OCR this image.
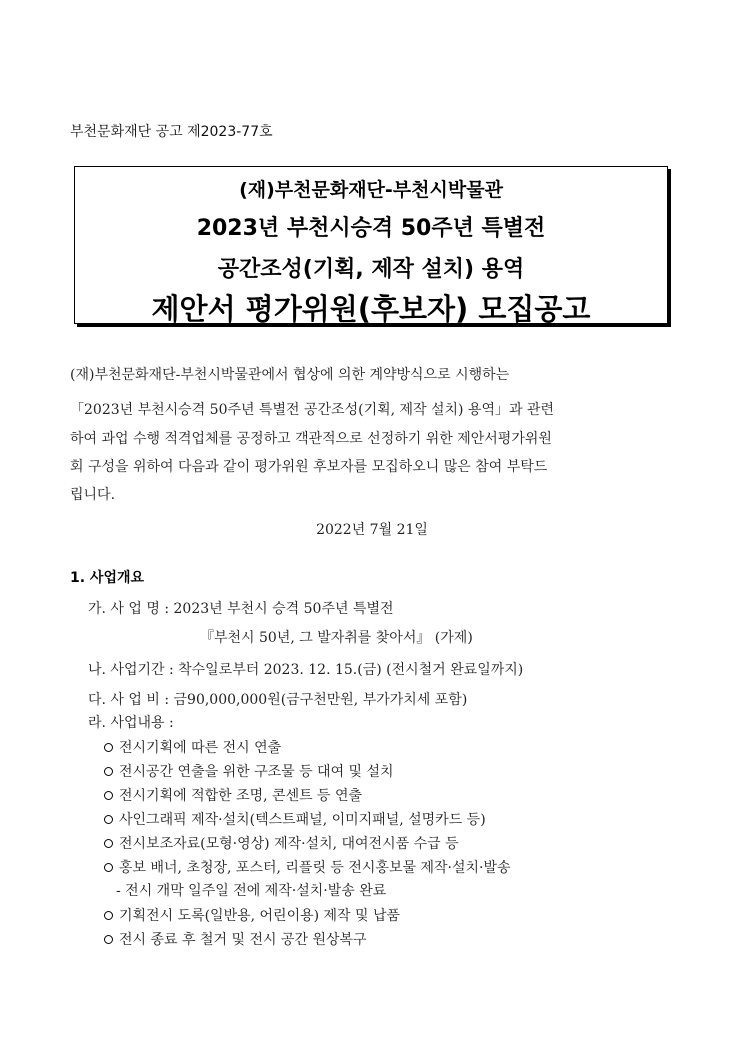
부천문화재단 공고 제2023-77호
(재)부천문화재단-부천시박물관
2023년 부천시승격 50주년 특별전
공간조성(기획, 제작 설치) 용역
제안서 평가위원(후보자) 모집공고
(재)부천문화재단-부천시박물관에서 협상에 의한 계약방식으로 시행하는
「2023년 부천시승격 50주년 특별전 공간조성(기획, 제작 설치) 용역」과 관련
하여 과업 수행 적격업체를 공정하고 객관적으로 선정하기 위한 제안서평가위원
회 구성을 위하여 다음과 같이 평가위원 후보자를 모집하오니 많은 참여 부탁드
립니다.
2022년 7월 21일
1. 사업개요
가. 사 업 명 : 2023년 부천시 승격 50주년 특별전
『부천시 50년, 그 발자취를 찾아서』 (가제)
나. 사업기간 : 착수일로부터 2023. 12. 15.(금) (전시철거 완료일까지)
다. 사 업 비 : 금90,000,000원(금구천만원, 부가가치세 포함)
라. 사업내용 :
전시기획에 따른 전시 연출
전시공간 연출을 위한 구조물 등 대여 및 설치
전시기획에 적합한 조명, 콘센트 등 연출
사인그래픽 제작·설치(텍스트패널, 이미지패널, 설명카드 등)
전시보조자료(모형·영상) 제작·설치, 대여전시품 수급 등
홍보 배너, 초청장, 포스터, 리플릿 등 전시홍보물 제작·설치·발송
- 전시 개막 일주일 전에 제작·설치·발송 완료
기획전시 도록(일반용, 어린이용) 제작 및 납품
전시 종료 후 철거 및 전시 공간 원상복구
